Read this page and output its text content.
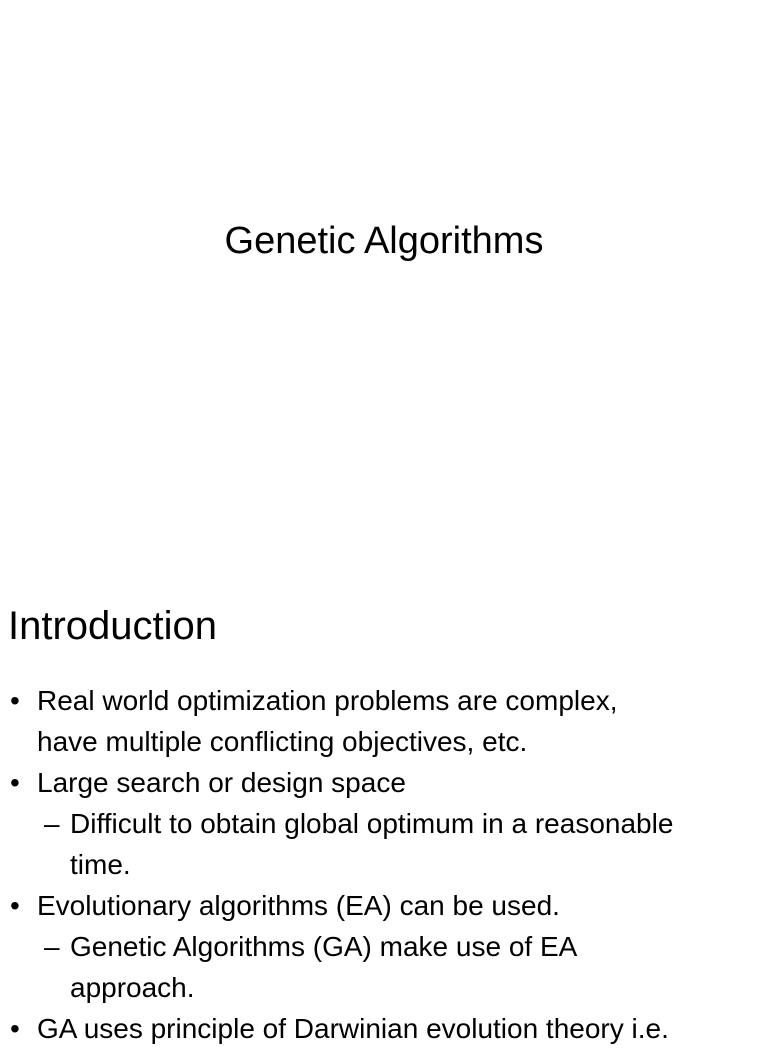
Genetic Algorithms
Introduction
• Real world optimization problems are complex,
have multiple conflicting objectives, etc.
• Large search or design space
– Difficult to obtain global optimum in a reasonable
time.
• Evolutionary algorithms (EA) can be used.
– Genetic Algorithms (GA) make use of EA
approach.
• GA uses principle of Darwinian evolution theory i.e.
